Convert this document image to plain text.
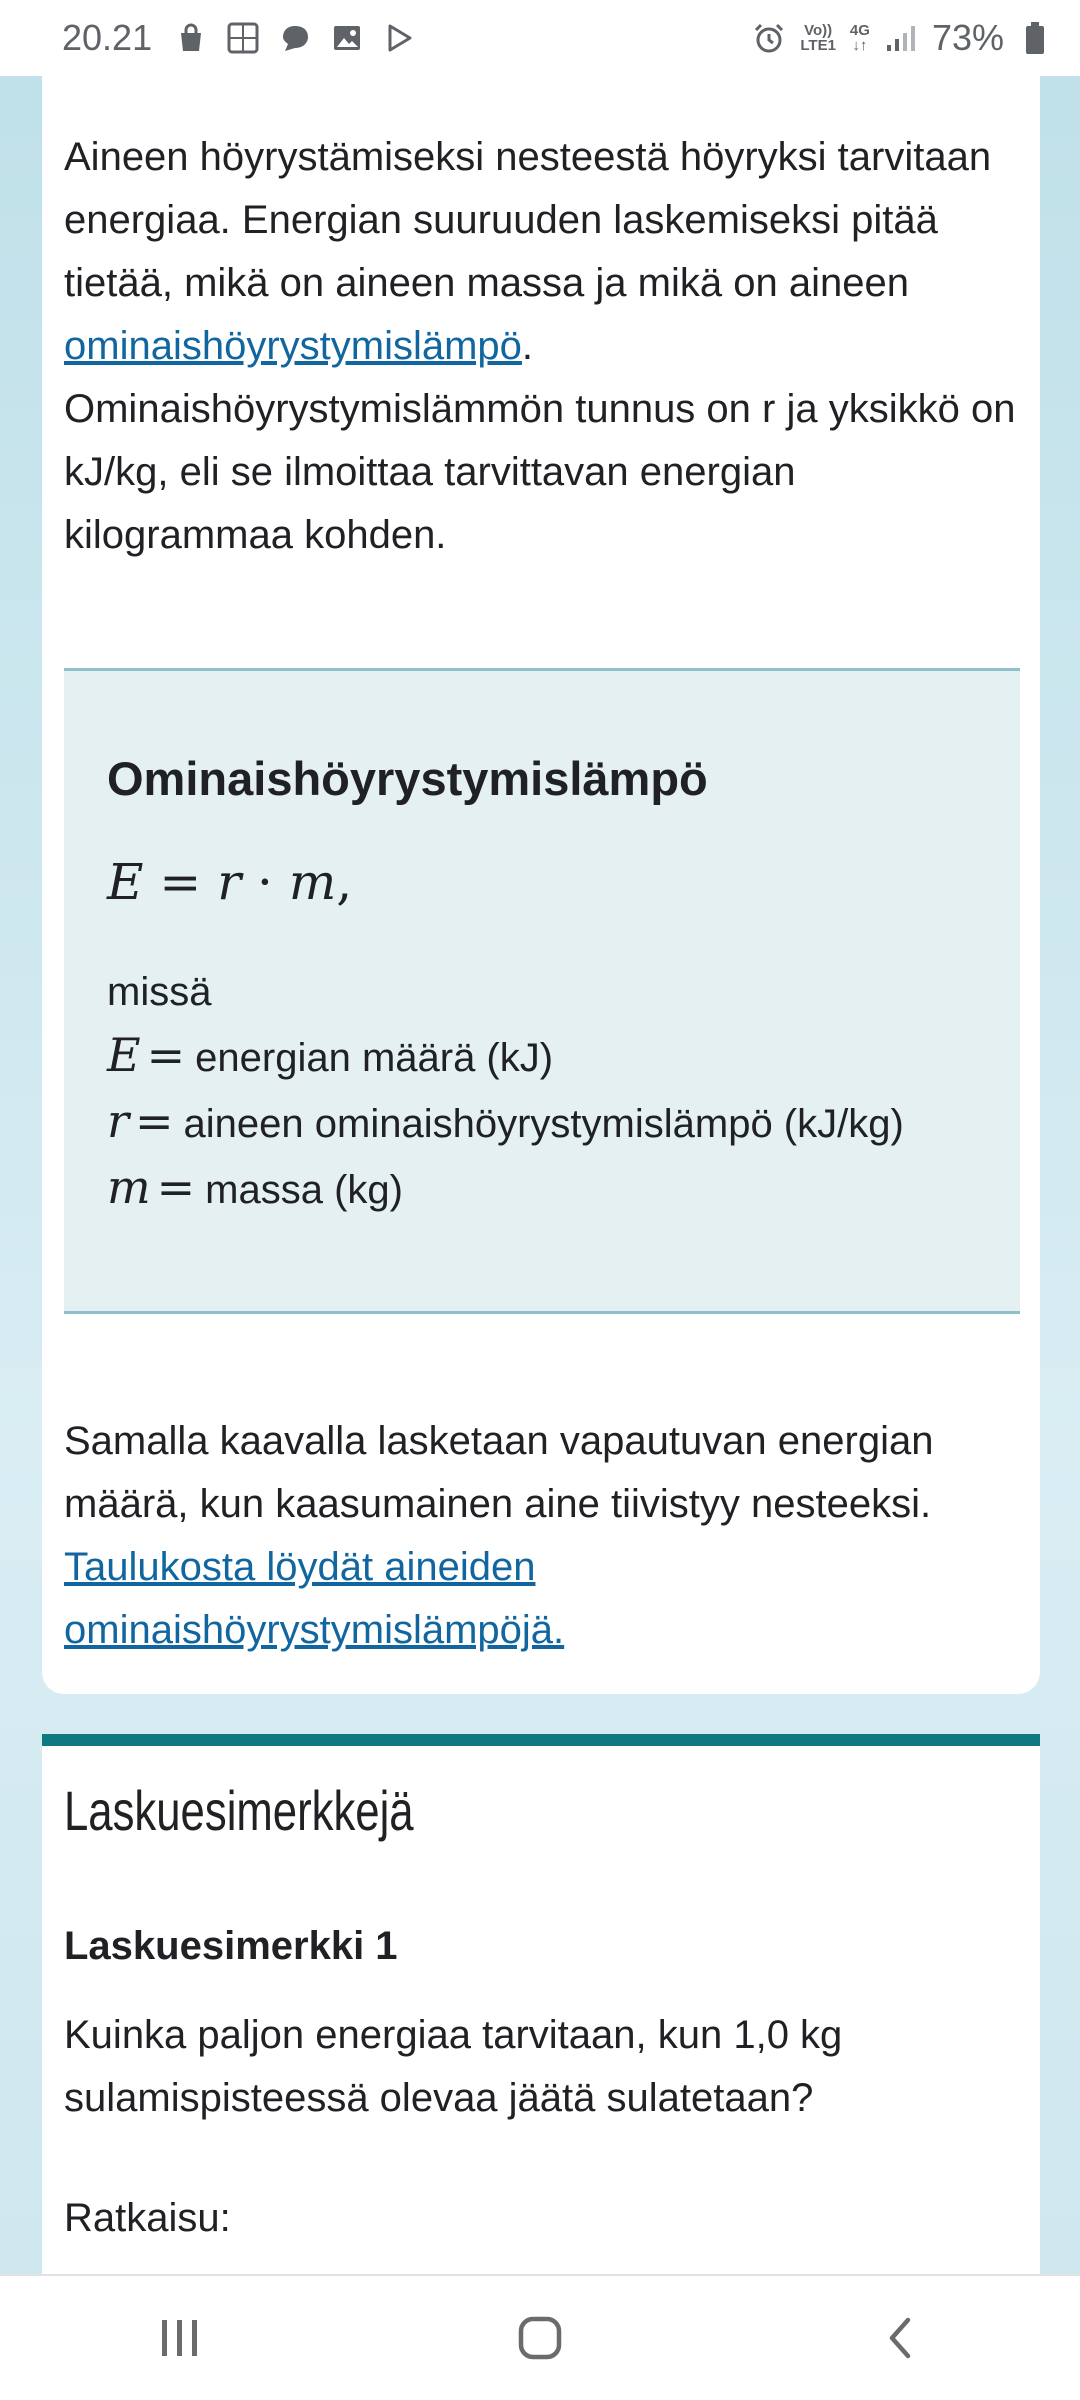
20.21	Vo))
LTE1
4G
↓↑ 73%

Aineen höyrystämiseksi nesteestä höyryksi tarvitaan energiaa. Energian suuruuden laskemiseksi pitää tietää, mikä on aineen massa ja mikä on aineen ominaishöyrystymislämpö. Ominaishöyrystymislämmön tunnus on r ja yksikkö on kJ/kg, eli se ilmoittaa tarvittavan energian kilogrammaa kohden.

Ominaishöyrystymislämpö
E = r · m,
missä
E = energian määrä (kJ)
r = aineen ominaishöyrystymislämpö (kJ/kg)
m = massa (kg)

Samalla kaavalla lasketaan vapautuvan energian määrä, kun kaasumainen aine tiivistyy nesteeksi. Taulukosta löydät aineiden ominaishöyrystymislämpöjä.

Laskuesimerkkejä
Laskuesimerkki 1

Kuinka paljon energiaa tarvitaan, kun 1,0 kg sulamispisteessä olevaa jäätä sulatetaan?

Ratkaisu:
